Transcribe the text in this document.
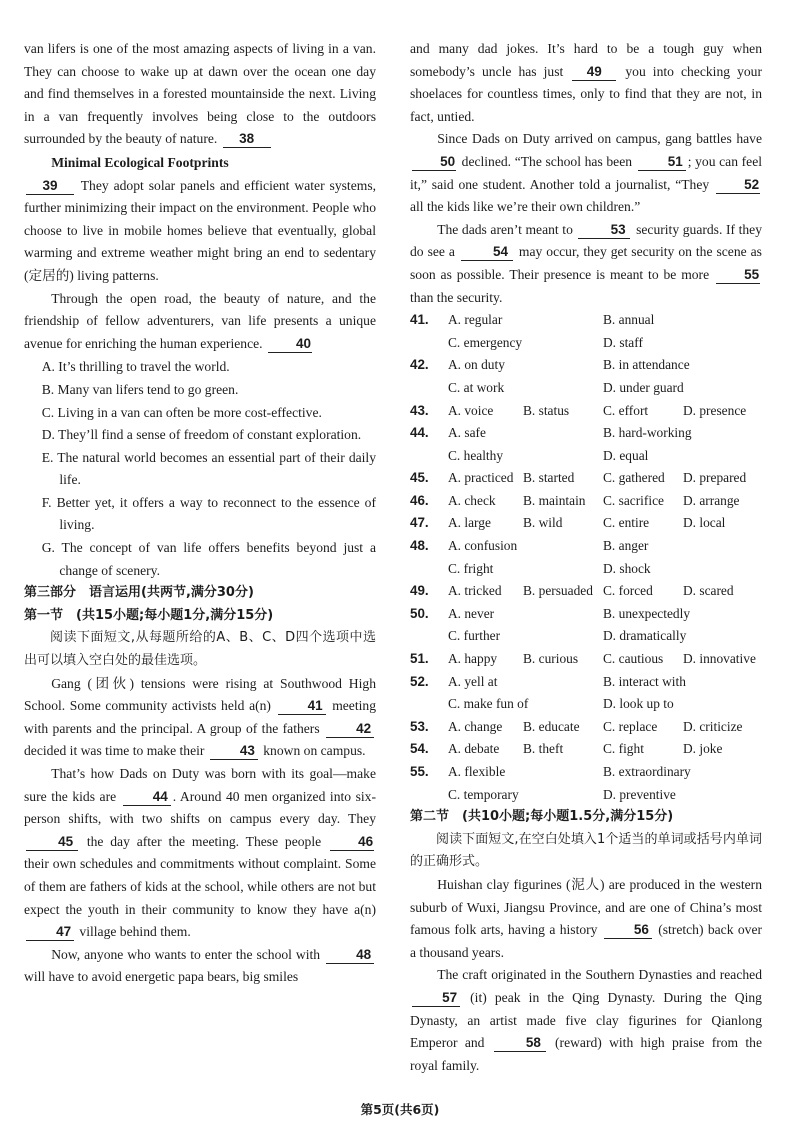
van lifers is one of the most amazing aspects of living in a van. They can choose to wake up at dawn over the ocean one day and find themselves in a forested mountainside the next. Living in a van frequently involves being close to the outdoors surrounded by the beauty of nature. 38

Minimal Ecological Footprints

39 They adopt solar panels and efficient water systems, further minimizing their impact on the environment. People who choose to live in mobile homes believe that eventually, global warming and extreme weather might bring an end to sedentary (定居的) living patterns.

Through the open road, the beauty of nature, and the friendship of fellow adventurers, van life presents a unique avenue for enriching the human experience. 40

A. It’s thrilling to travel the world.

B. Many van lifers tend to go green.

C. Living in a van can often be more cost-effective.

D. They’ll find a sense of freedom of constant exploration.

E. The natural world becomes an essential part of their daily life.

F. Better yet, it offers a way to reconnect to the essence of living.

G. The concept of van life offers benefits beyond just a change of scenery.

第三部分　语言运用(共两节,满分30分)

第一节　(共15小题;每小题1分,满分15分)

阅读下面短文,从每题所给的A、B、C、D四个选项中选出可以填入空白处的最佳选项。

Gang (团伙) tensions were rising at Southwood High School. Some community activists held a(n)	41 meeting with parents and the principal. A group of the fathers	42 decided it was time to make their	43 known on campus.

That’s how Dads on Duty was born with its goal—make sure the kids are	44 . Around 40 men organized into six-person shifts, with two shifts on campus every day. They 45 the day after the meeting. These people	46 their own schedules and commitments without complaint. Some of them are fathers of kids at the school, while others are not but expect the youth in their community to know they have a(n) 47 village behind them.

Now, anyone who wants to enter the school with	48 will have to avoid energetic papa bears, big smiles

and many dad jokes. It’s hard to be a tough guy when somebody’s uncle has just 49 you into checking your shoelaces for countless times, only to find that they are not, in fact, untied.

Since Dads on Duty arrived on campus, gang battles have 50 declined. “The school has been	51 ; you can feel it,” said one student. Another told a journalist, “They	52 all the kids like we’re their own children.”

The dads aren’t meant to	53 security guards. If they do see a	54 may occur, they get security on the scene as soon as possible. Their presence is meant to be more	55 than the security.

41.	A. regular	B. annual
C. emergency	D. staff
42.	A. on duty	B. in attendance
C. at work	D. under guard
43.	A. voice	B. status	C. effort	D. presence
44.	A. safe	B. hard-working
C. healthy	D. equal
45.	A. practiced B. started	C. gathered	D. prepared
46.	A. check	B. maintain	C. sacrifice	D. arrange
47.	A. large	B. wild	C. entire	D. local
48.	A. confusion	B. anger
C. fright	D. shock
49.	A. tricked	B. persuaded C. forced	D. scared
50.	A. never	B. unexpectedly
C. further	D. dramatically
51.	A. happy	B. curious	C. cautious	D. innovative
52.	A. yell at	B. interact with
C. make fun of	D. look up to
53.	A. change	B. educate	C. replace	D. criticize
54.	A. debate	B. theft	C. fight	D. joke
55.	A. flexible	B. extraordinary
C. temporary	D. preventive

第二节　(共10小题;每小题1.5分,满分15分)

阅读下面短文,在空白处填入1个适当的单词或括号内单词的正确形式。

Huishan clay figurines (泥人) are produced in the western suburb of Wuxi, Jiangsu Province, and are one of China’s most famous folk arts, having a history	56 (stretch) back over a thousand years.

The craft originated in the Southern Dynasties and reached 57 (it) peak in the Qing Dynasty. During the Qing Dynasty, an artist made five clay figurines for Qianlong Emperor and	58 (reward) with high praise from the royal family.

第5页(共6页)
